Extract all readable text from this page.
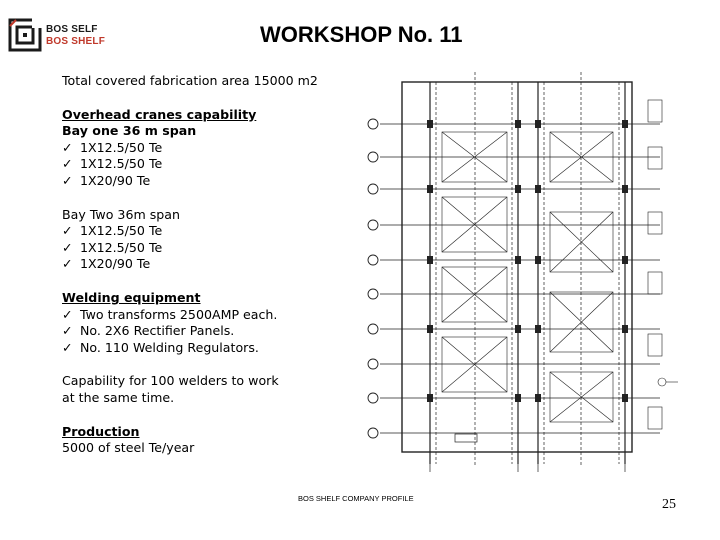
BOS SELF
BOS SHELF	WORKSHOP No. 11
Total covered fabrication area 15000 m2
Overhead cranes capability
Bay one 36 m span
✓ 1X12.5/50 Te
✓ 1X12.5/50 Te
✓ 1X20/90 Te
Bay Two 36m span
✓ 1X12.5/50 Te
✓ 1X12.5/50 Te
✓ 1X20/90 Te
Welding equipment
✓ Two transforms 2500AMP each.
✓ No. 2X6 Rectifier Panels.
✓ No. 110 Welding Regulators.
Capability for 100 welders to work
at the same time.
Production
5000 of steel Te/year
BOS SHELF COMPANY PROFILE	25
